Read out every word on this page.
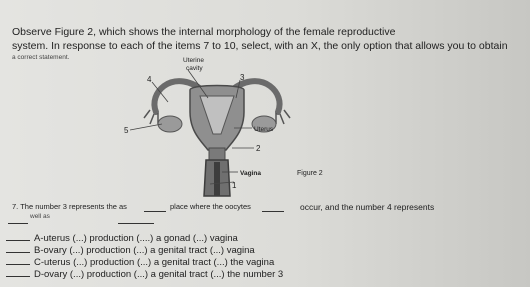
Observe Figure 2, which shows the internal morphology of the female reproductive
system. In response to each of the items 7 to 10, select, with an X, the only option that allows you to obtain
a correct statement.
4	3
5
2
1
Uterine
cavity
Uterus
Vagina	Figure 2
7. The number 3 represents the as	place where the oocytes	occur, and the number 4 represents
well as
A-uterus (...) production (....) a gonad (...) vagina
B-ovary (...) production (...) a genital tract (...) vagina
C-uterus (...) production (...) a genital tract (...) the vagina
D-ovary (...) production (...) a genital tract (...) the number 3
